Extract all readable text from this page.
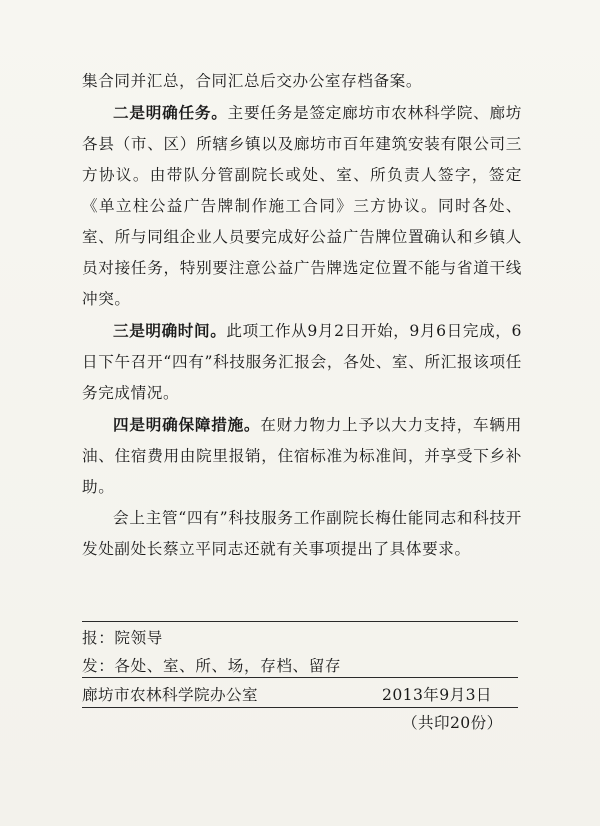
集合同并汇总，合同汇总后交办公室存档备案。

二是明确任务。主要任务是签定廊坊市农林科学院、廊坊各县（市、区）所辖乡镇以及廊坊市百年建筑安装有限公司三方协议。由带队分管副院长或处、室、所负责人签字，签定《单立柱公益广告牌制作施工合同》三方协议。同时各处、室、所与同组企业人员要完成好公益广告牌位置确认和乡镇人员对接任务，特别要注意公益广告牌选定位置不能与省道干线冲突。

三是明确时间。此项工作从9月2日开始，9月6日完成，6日下午召开“四有”科技服务汇报会，各处、室、所汇报该项任务完成情况。

四是明确保障措施。在财力物力上予以大力支持，车辆用油、住宿费用由院里报销，住宿标准为标准间，并享受下乡补助。

会上主管“四有”科技服务工作副院长梅仕能同志和科技开发处副处长蔡立平同志还就有关事项提出了具体要求。

报：院领导
发：各处、室、所、场，存档、留存
廊坊市农林科学院办公室	2013年9月3日
（共印20份）
